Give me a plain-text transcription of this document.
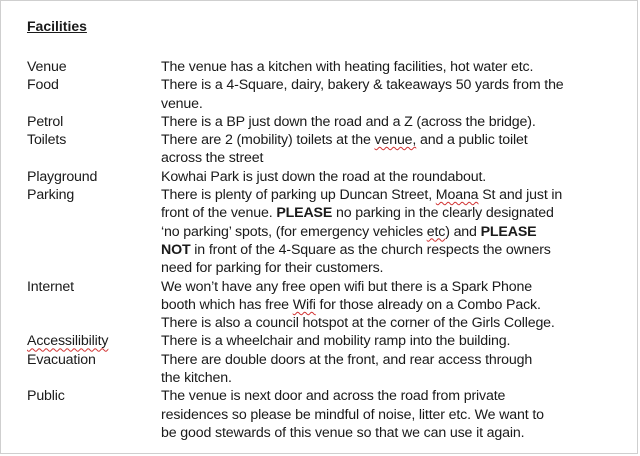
Facilities
Venue	The venue has a kitchen with heating facilities, hot water etc.
Food	There is a 4-Square, dairy, bakery & takeaways 50 yards from the
venue.
Petrol	There is a BP just down the road and a Z (across the bridge).
Toilets	There are 2 (mobility) toilets at the venue, and a public toilet
across the street
Playground	Kowhai Park is just down the road at the roundabout.
Parking	There is plenty of parking up Duncan Street, Moana St and just in
front of the venue. PLEASE no parking in the clearly designated
‘no parking’ spots, (for emergency vehicles etc) and PLEASE
NOT in front of the 4-Square as the church respects the owners
need for parking for their customers.
Internet	We won’t have any free open wifi but there is a Spark Phone
booth which has free Wifi for those already on a Combo Pack.
There is also a council hotspot at the corner of the Girls College.
Accessilibility	There is a wheelchair and mobility ramp into the building.
Evacuation	There are double doors at the front, and rear access through
the kitchen.
Public	The venue is next door and across the road from private
residences so please be mindful of noise, litter etc. We want to
be good stewards of this venue so that we can use it again.
